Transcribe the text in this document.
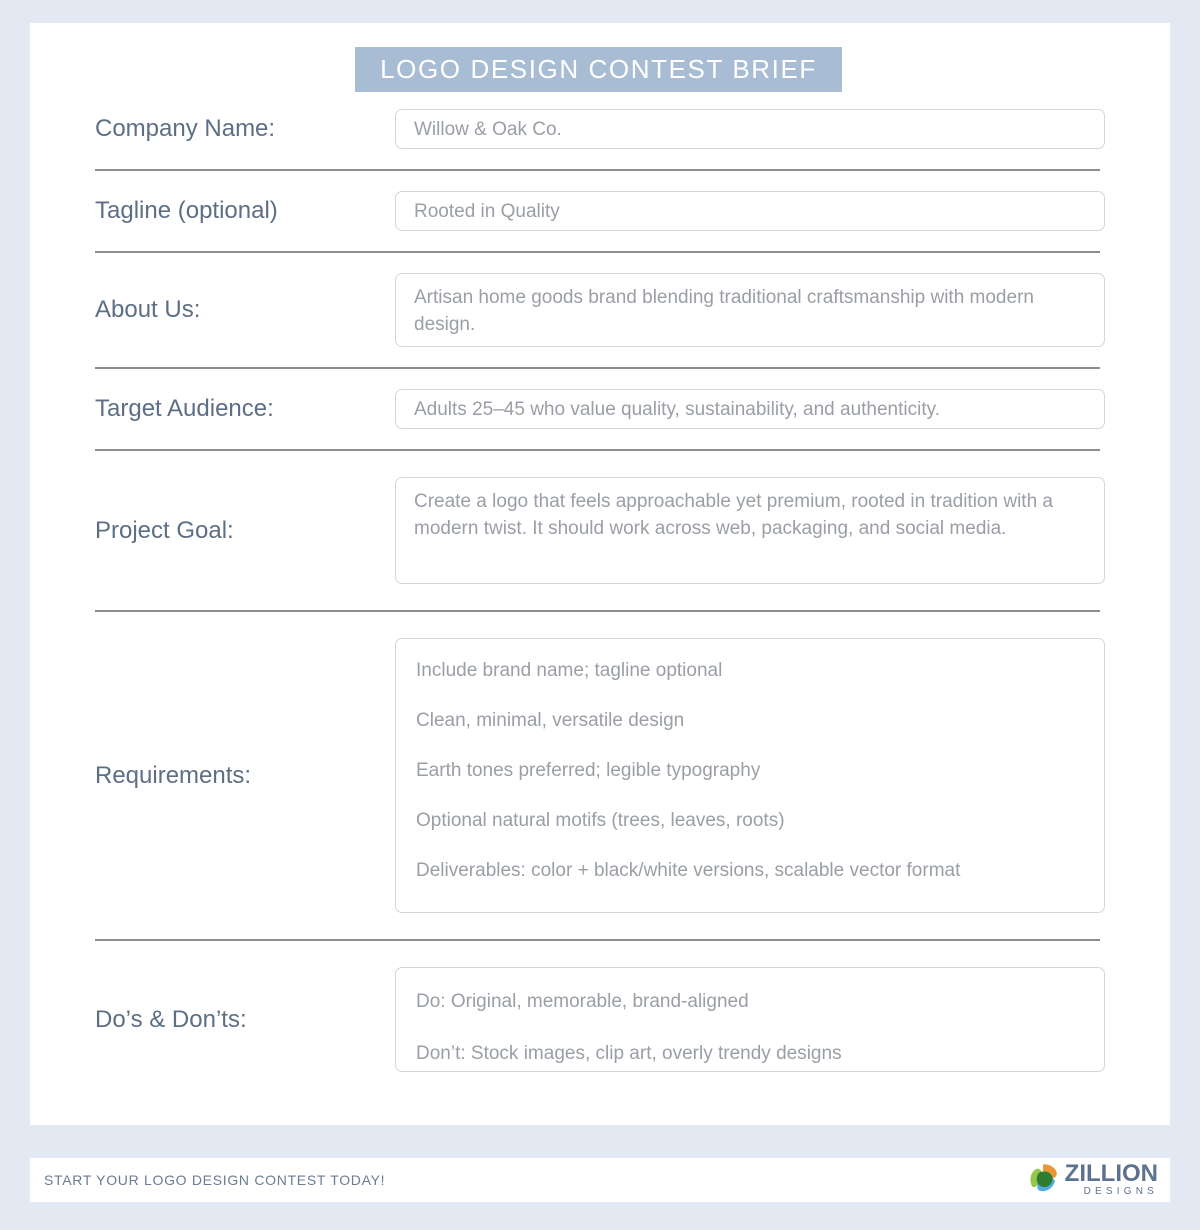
LOGO DESIGN CONTEST BRIEF
Company Name:	Willow & Oak Co.
Tagline (optional)	Rooted in Quality
About Us:	Artisan home goods brand blending traditional craftsmanship with modern design.
Target Audience:	Adults 25–45 who value quality, sustainability, and authenticity.
Project Goal:
Create a logo that feels approachable yet premium, rooted in tradition with a modern twist. It should work across web, packaging, and social media.
Requirements:
Include brand name; tagline optional
Clean, minimal, versatile design
Earth tones preferred; legible typography
Optional natural motifs (trees, leaves, roots)
Deliverables: color + black/white versions, scalable vector format
Do’s & Don’ts:
Do: Original, memorable, brand-aligned
Don’t: Stock images, clip art, overly trendy designs
START YOUR LOGO DESIGN CONTEST TODAY!	ZILLION
DESIGNS
